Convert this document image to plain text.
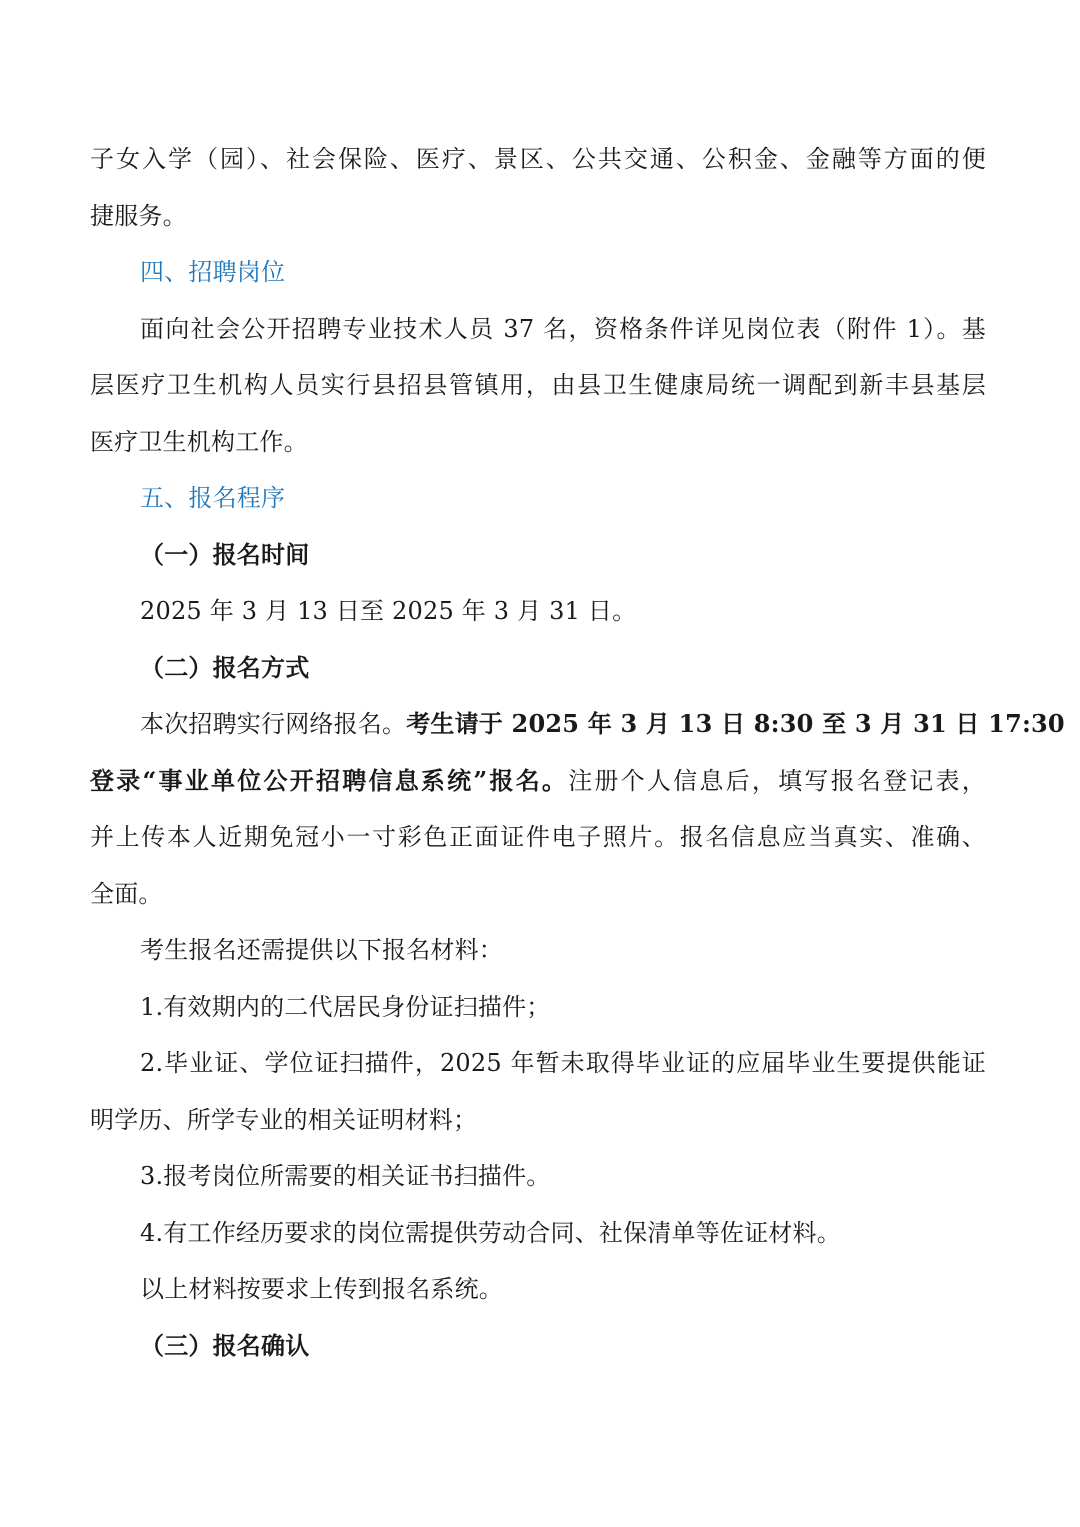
子女入学（园）、社会保险、医疗、景区、公共交通、公积金、金融等方面的便
捷服务。
四、招聘岗位
面向社会公开招聘专业技术人员 37 名，资格条件详见岗位表（附件 1）。基
层医疗卫生机构人员实行县招县管镇用，由县卫生健康局统一调配到新丰县基层
医疗卫生机构工作。
五、报名程序
（一）报名时间
2025 年 3 月 13 日至 2025 年 3 月 31 日。
（二）报名方式
本次招聘实行网络报名。考生请于 2025 年 3 月 13 日 8:30 至 3 月 31 日 17:30
登录“事业单位公开招聘信息系统”报名。注册个人信息后，填写报名登记表，
并上传本人近期免冠小一寸彩色正面证件电子照片。报名信息应当真实、准确、
全面。
考生报名还需提供以下报名材料：
1.有效期内的二代居民身份证扫描件；
2.毕业证、学位证扫描件，2025 年暂未取得毕业证的应届毕业生要提供能证
明学历、所学专业的相关证明材料；
3.报考岗位所需要的相关证书扫描件。
4.有工作经历要求的岗位需提供劳动合同、社保清单等佐证材料。
以上材料按要求上传到报名系统。
（三）报名确认
